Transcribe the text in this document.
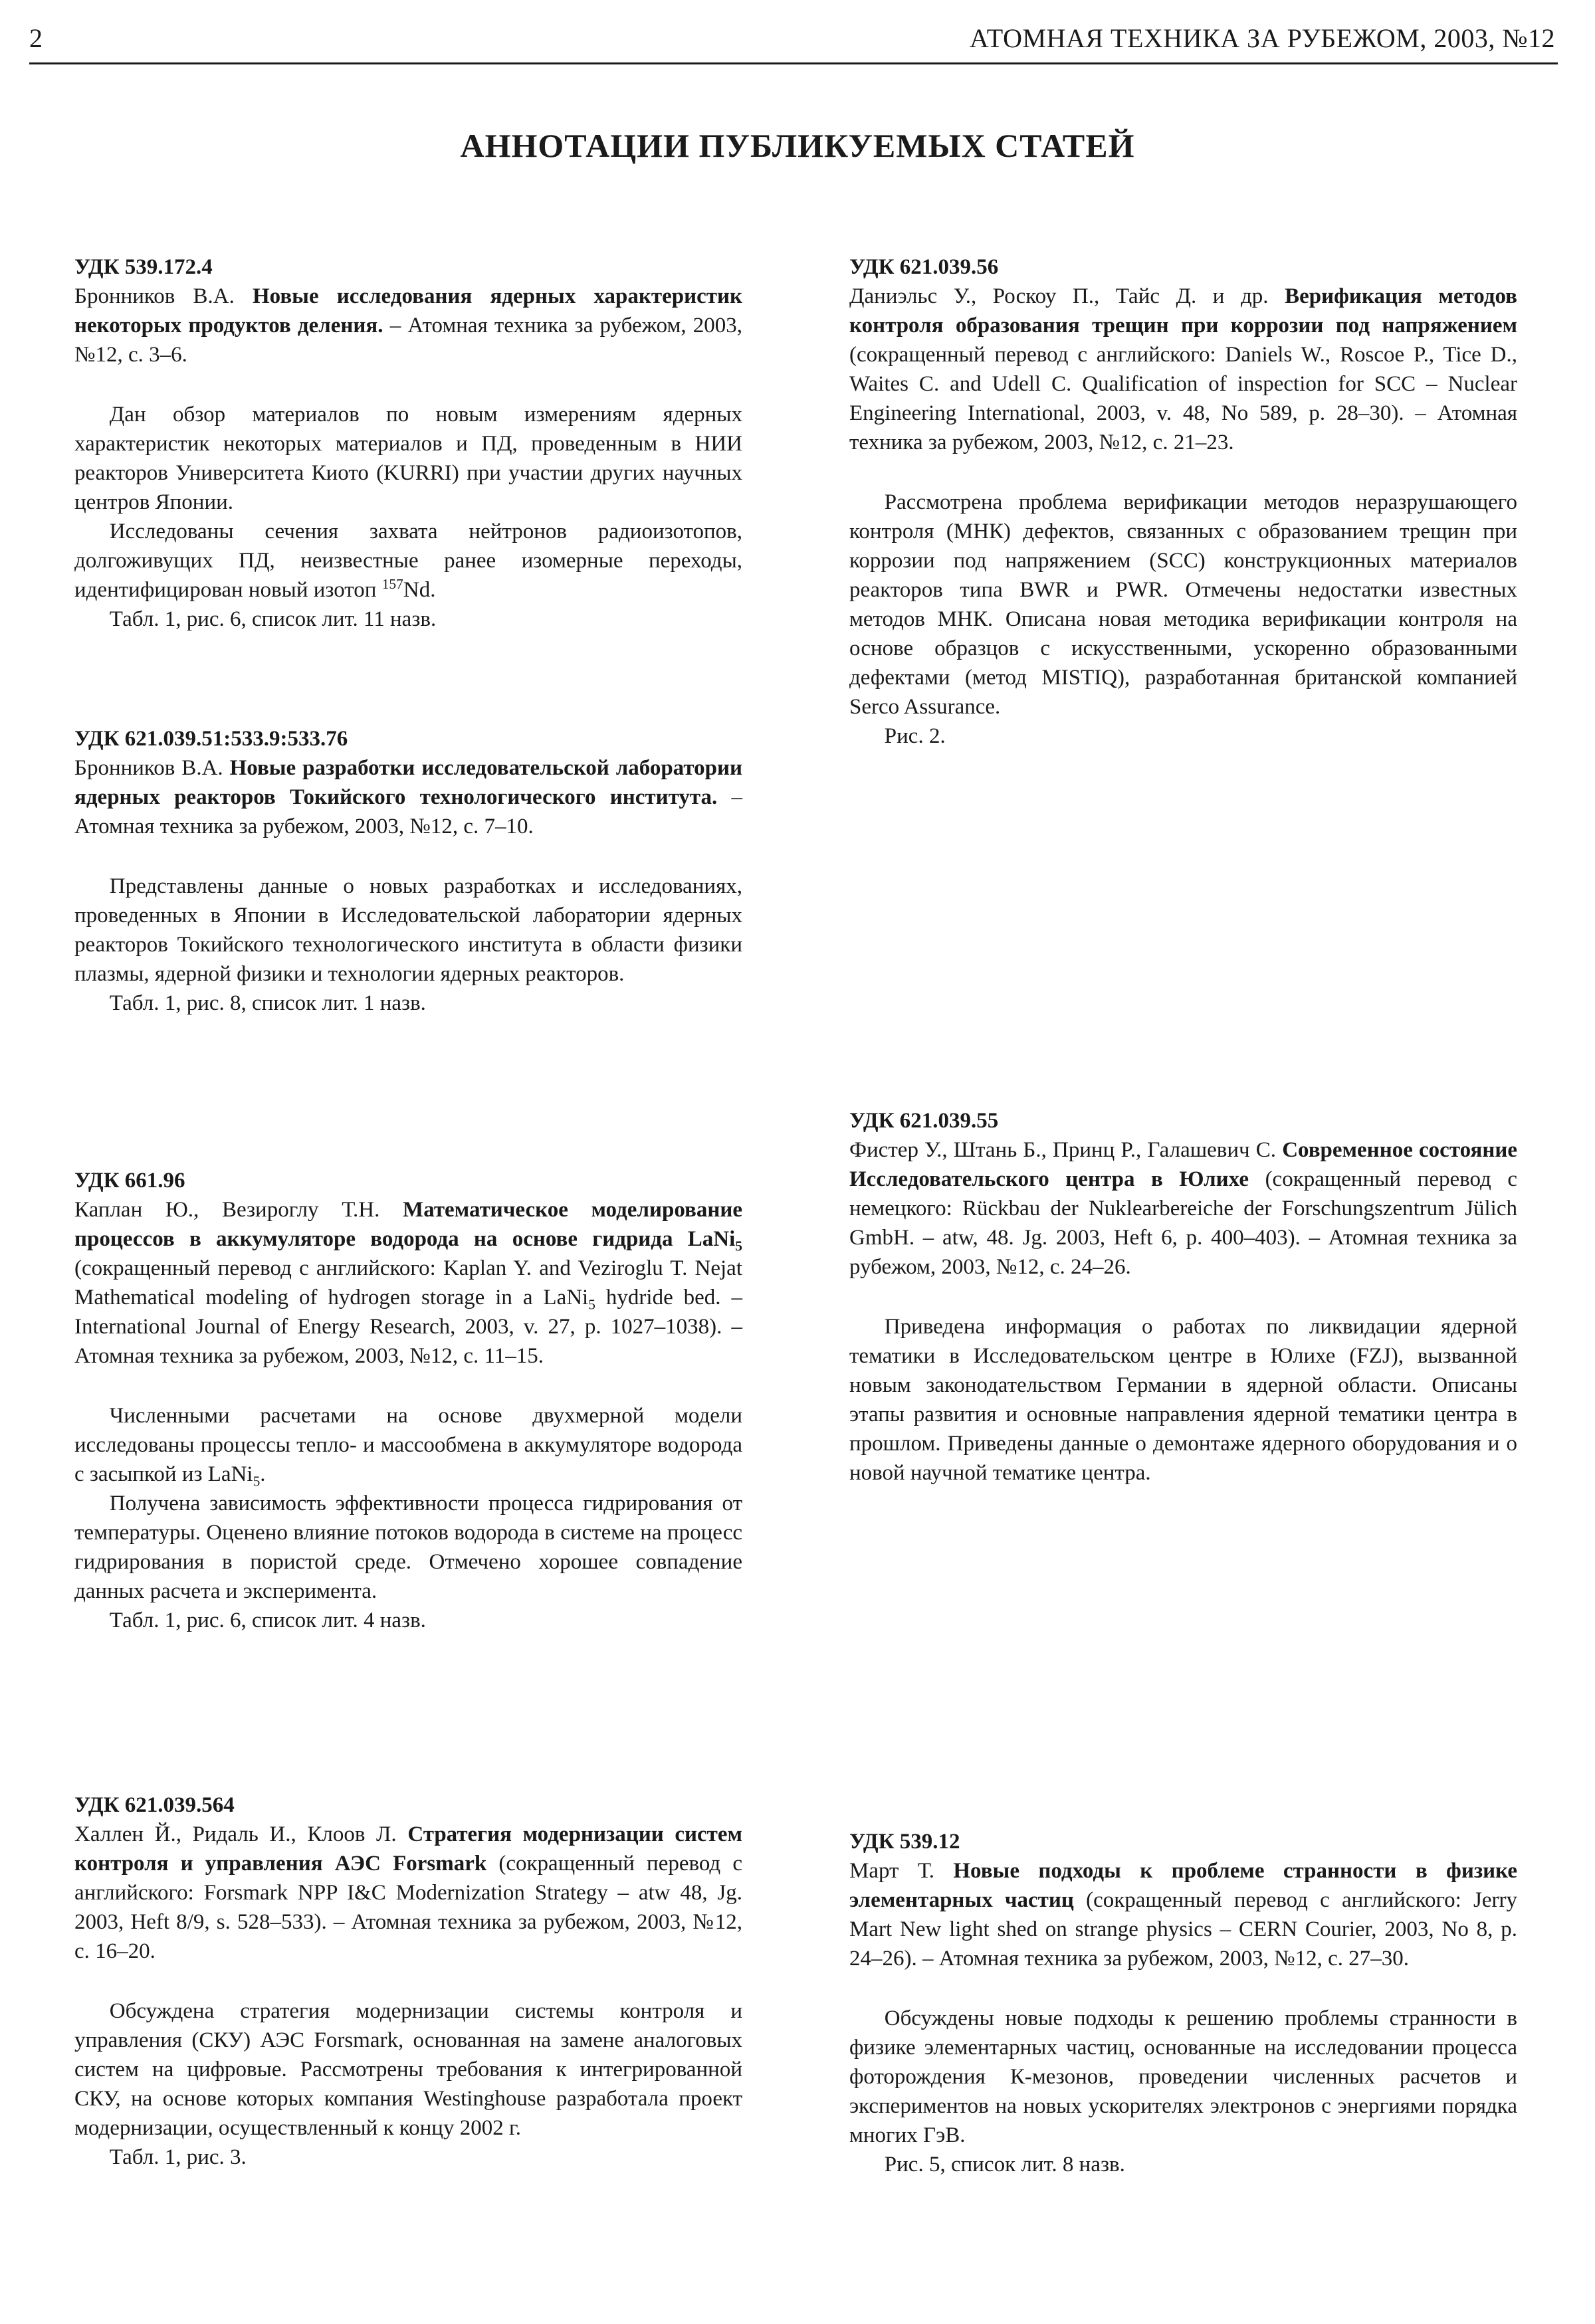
2	АТОМНАЯ ТЕХНИКА ЗА РУБЕЖОМ, 2003, №12
АННОТАЦИИ ПУБЛИКУЕМЫХ СТАТЕЙ
УДК 539.172.4
Бронников В.А. Новые исследования ядерных характеристик некоторых продуктов деления. – Атомная техника за рубежом, 2003, №12, с. 3–6.

Дан обзор материалов по новым измерениям ядерных характеристик некоторых материалов и ПД, проведенным в НИИ реакторов Университета Киото (KURRI) при участии других научных центров Японии.

Исследованы сечения захвата нейтронов радиоизотопов, долгоживущих ПД, неизвестные ранее изомерные переходы, идентифицирован новый изотоп $^{157}$Nd.

Табл. 1, рис. 6, список лит. 11 назв.

УДК 621.039.51:533.9:533.76
Бронников В.А. Новые разработки исследовательской лаборатории ядерных реакторов Токийского технологического института. – Атомная техника за рубежом, 2003, №12, с. 7–10.

Представлены данные о новых разработках и исследованиях, проведенных в Японии в Исследовательской лаборатории ядерных реакторов Токийского технологического института в области физики плазмы, ядерной физики и технологии ядерных реакторов.

Табл. 1, рис. 8, список лит. 1 назв.

УДК 661.96
Каплан Ю., Везироглу Т.Н. Математическое моделирование процессов в аккумуляторе водорода на основе гидрида LaNi$_5$ (сокращенный перевод с английского: Kaplan Y. and Veziroglu T. Nejat Mathematical modeling of hydrogen storage in a LaNi$_5$ hydride bed. – International Journal of Energy Research, 2003, v. 27, p. 1027–1038). – Атомная техника за рубежом, 2003, №12, с. 11–15.

Численными расчетами на основе двухмерной модели исследованы процессы тепло- и массообмена в аккумуляторе водорода с засыпкой из LaNi$_5$.

Получена зависимость эффективности процесса гидрирования от температуры. Оценено влияние потоков водорода в системе на процесс гидрирования в пористой среде. Отмечено хорошее совпадение данных расчета и эксперимента.

Табл. 1, рис. 6, список лит. 4 назв.

УДК 621.039.564
Халлен Й., Ридаль И., Клоов Л. Стратегия модернизации систем контроля и управления АЭС Forsmark (сокращенный перевод с английского: Forsmark NPP I&C Modernization Strategy – atw 48, Jg. 2003, Heft 8/9, s. 528–533). – Атомная техника за рубежом, 2003, №12, с. 16–20.

Обсуждена стратегия модернизации системы контроля и управления (СКУ) АЭС Forsmark, основанная на замене аналоговых систем на цифровые. Рассмотрены требования к интегрированной СКУ, на основе которых компания Westinghouse разработала проект модернизации, осуществленный к концу 2002 г.

Табл. 1, рис. 3.

УДК 621.039.56
Даниэльс У., Роскоу П., Тайс Д. и др. Верификация методов контроля образования трещин при коррозии под напряжением (сокращенный перевод с английского: Daniels W., Roscoe P., Tice D., Waites C. and Udell C. Qualification of inspection for SCC – Nuclear Engineering International, 2003, v. 48, No 589, p. 28–30). – Атомная техника за рубежом, 2003, №12, с. 21–23.

Рассмотрена проблема верификации методов неразрушающего контроля (МНК) дефектов, связанных с образованием трещин при коррозии под напряжением (SCC) конструкционных материалов реакторов типа BWR и PWR. Отмечены недостатки известных методов МНК. Описана новая методика верификации контроля на основе образцов с искусственными, ускоренно образованными дефектами (метод MISTIQ), разработанная британской компанией Serco Assurance.

Рис. 2.

УДК 621.039.55
Фистер У., Штань Б., Принц Р., Галашевич С. Современное состояние Исследовательского центра в Юлихе (сокращенный перевод с немецкого: Rückbau der Nuklearbereiche der Forschungszentrum Jülich GmbH. – atw, 48. Jg. 2003, Heft 6, p. 400–403). – Атомная техника за рубежом, 2003, №12, с. 24–26.

Приведена информация о работах по ликвидации ядерной тематики в Исследовательском центре в Юлихе (FZJ), вызванной новым законодательством Германии в ядерной области. Описаны этапы развития и основные направления ядерной тематики центра в прошлом. Приведены данные о демонтаже ядерного оборудования и о новой научной тематике центра.

УДК 539.12
Март Т. Новые подходы к проблеме странности в физике элементарных частиц (сокращенный перевод с английского: Jerry Mart New light shed on strange physics – CERN Courier, 2003, No 8, p. 24–26). – Атомная техника за рубежом, 2003, №12, с. 27–30.

Обсуждены новые подходы к решению проблемы странности в физике элементарных частиц, основанные на исследовании процесса фоторождения К-мезонов, проведении численных расчетов и экспериментов на новых ускорителях электронов с энергиями порядка многих ГэВ.

Рис. 5, список лит. 8 назв.
